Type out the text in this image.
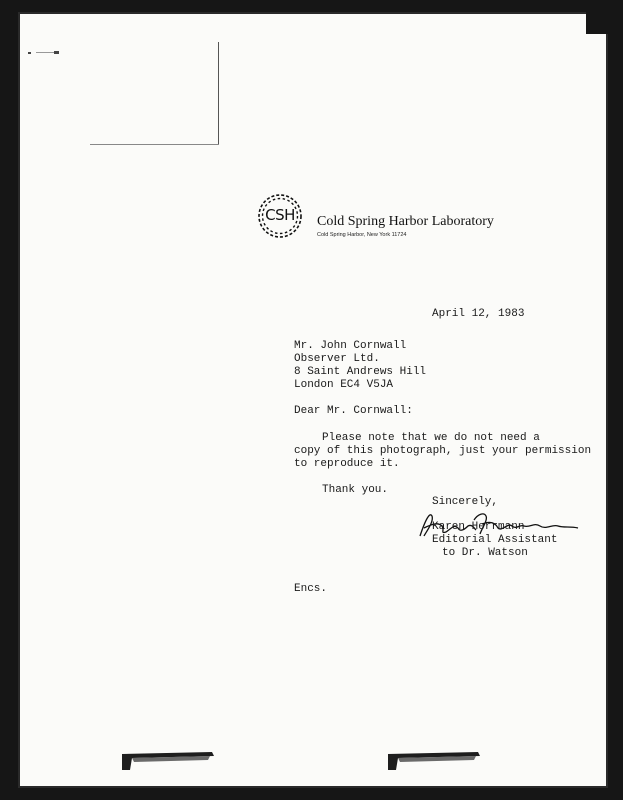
CSH	Cold Spring Harbor Laboratory
Cold Spring Harbor, New York 11724
April 12, 1983
Mr. John Cornwall
Observer Ltd.
8 Saint Andrews Hill
London EC4 V5JA
Dear Mr. Cornwall:
Please note that we do not need a
copy of this photograph, just your permission
to reproduce it.
Thank you.
Sincerely,
Karen Herrmann
Editorial Assistant
to Dr. Watson
Encs.
